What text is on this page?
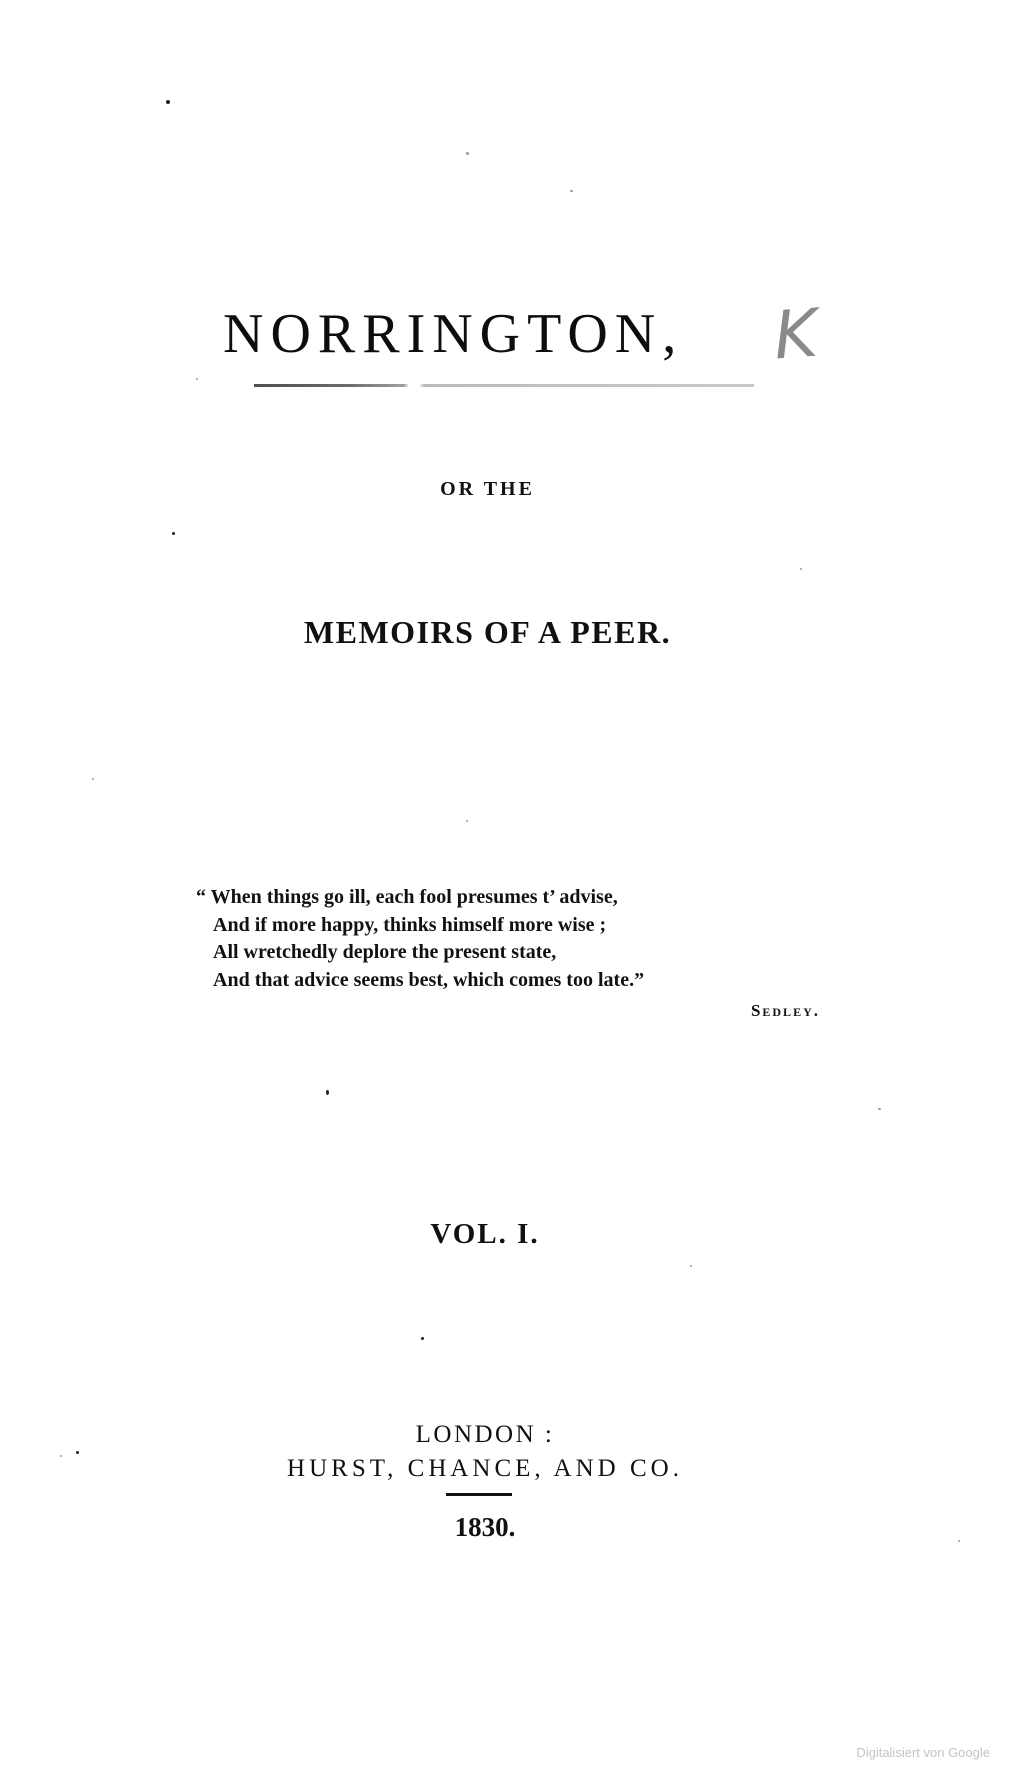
NORRINGTON, K
OR THE
MEMOIRS OF A PEER.
“ When things go ill, each fool presumes t’ advise,
And if more happy, thinks himself more wise ;
All wretchedly deplore the present state,
And that advice seems best, which comes too late.”
Sedley.
VOL. I.
LONDON :
HURST, CHANCE, AND CO.
1830.
Digitalisiert von Google
